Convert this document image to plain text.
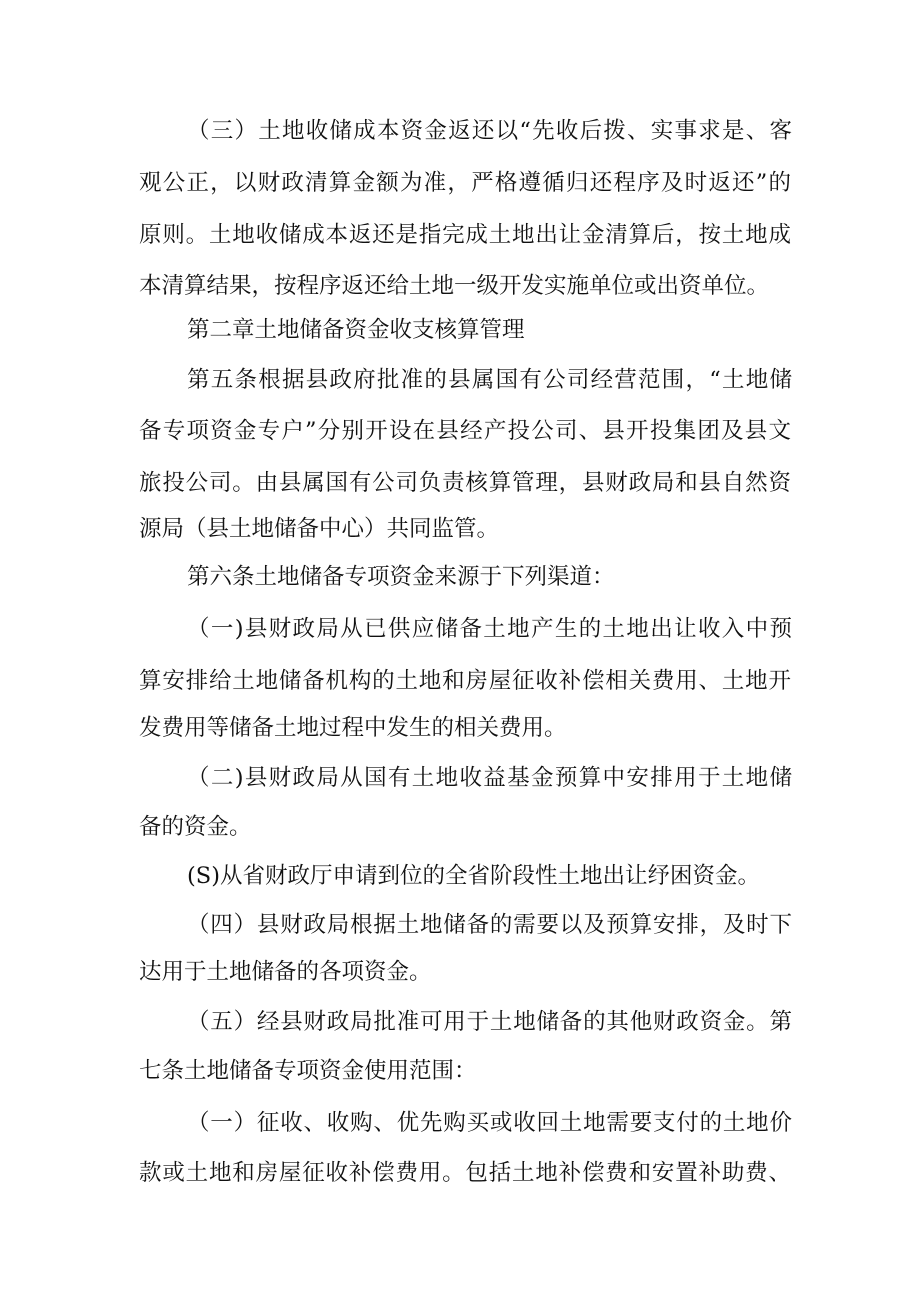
（三）土地收储成本资金返还以“先收后拨、实事求是、客
观公正，以财政清算金额为准，严格遵循归还程序及时返还”的
原则。土地收储成本返还是指完成土地出让金清算后，按土地成
本清算结果，按程序返还给土地一级开发实施单位或出资单位。
第二章土地储备资金收支核算管理
第五条根据县政府批准的县属国有公司经营范围，“土地储
备专项资金专户”分别开设在县经产投公司、县开投集团及县文
旅投公司。由县属国有公司负责核算管理，县财政局和县自然资
源局（县土地储备中心）共同监管。
第六条土地储备专项资金来源于下列渠道：
（一)县财政局从已供应储备土地产生的土地出让收入中预
算安排给土地储备机构的土地和房屋征收补偿相关费用、土地开
发费用等储备土地过程中发生的相关费用。
（二)县财政局从国有土地收益基金预算中安排用于土地储
备的资金。
(S)从省财政厅申请到位的全省阶段性土地出让纾困资金。
（四）县财政局根据土地储备的需要以及预算安排，及时下
达用于土地储备的各项资金。
（五）经县财政局批准可用于土地储备的其他财政资金。第
七条土地储备专项资金使用范围：
（一）征收、收购、优先购买或收回土地需要支付的土地价
款或土地和房屋征收补偿费用。包括土地补偿费和安置补助费、
